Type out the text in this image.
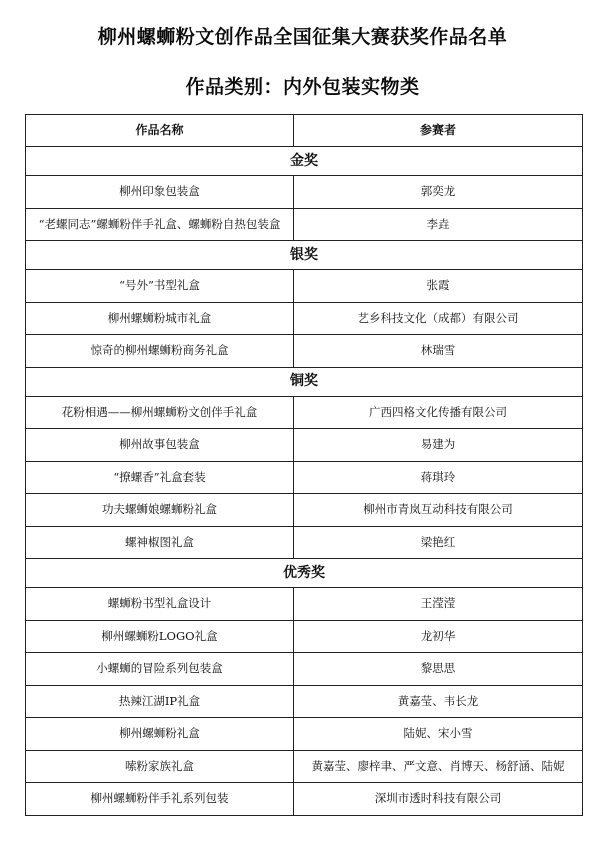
柳州螺蛳粉文创作品全国征集大赛获奖作品名单
作品类别：内外包装实物类
作品名称	参赛者
金奖	
柳州印象包装盒	郭奕龙
“老螺同志”螺蛳粉伴手礼盒、螺蛳粉自热包装盒	李垚
银奖	
“号外”书型礼盒	张霞
柳州螺蛳粉城市礼盒	艺乡科技文化（成都）有限公司
惊奇的柳州螺蛳粉商务礼盒	林瑞雪
铜奖	
花粉相遇——柳州螺蛳粉文创伴手礼盒	广西四格文化传播有限公司
柳州故事包装盒	易建为
“撩螺香”礼盒套装	蒋琪玲
功夫螺蛳娘螺蛳粉礼盒	柳州市青岚互动科技有限公司
螺神椒图礼盒	梁艳红
优秀奖	
螺蛳粉书型礼盒设计	王滢滢
柳州螺蛳粉LOGO礼盒	龙初华
小螺蛳的冒险系列包装盒	黎思思
热辣江湖IP礼盒	黄嘉莹、韦长龙
柳州螺蛳粉礼盒	陆妮、宋小雪
嗦粉家族礼盒	黄嘉莹、廖梓聿、严文意、肖博天、杨舒涵、陆妮
柳州螺蛳粉伴手礼系列包装	深圳市透时科技有限公司
